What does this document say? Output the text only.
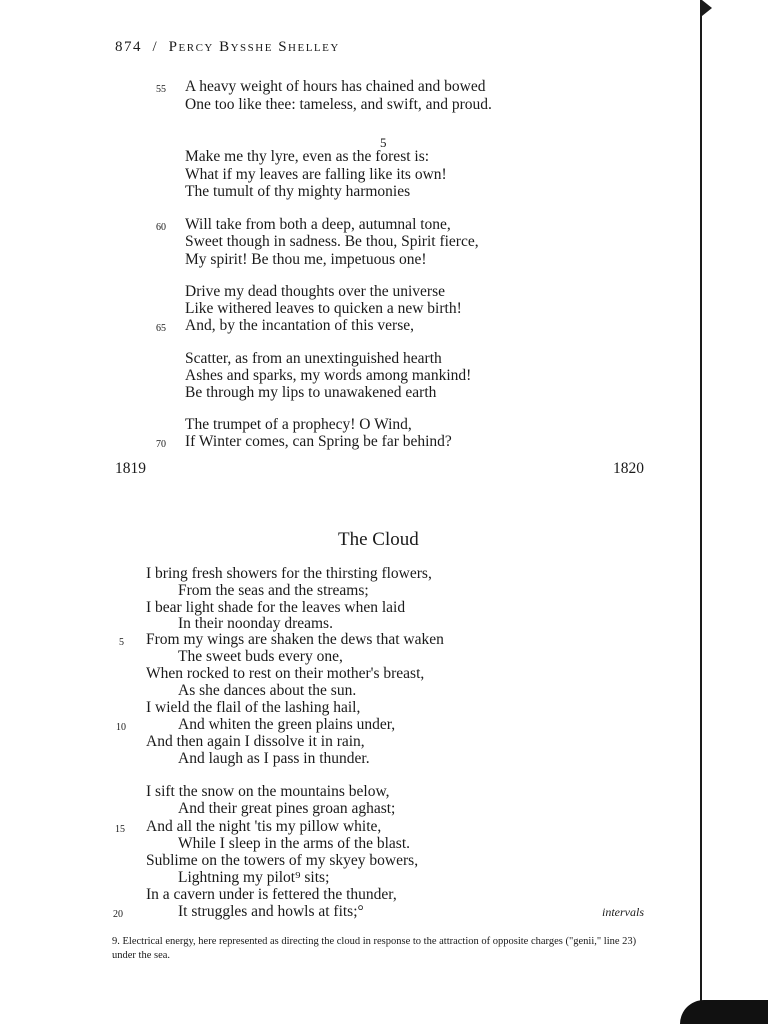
874 / Percy Bysshe Shelley
55 A heavy weight of hours has chained and bowed
One too like thee: tameless, and swift, and proud.
5
Make me thy lyre, even as the forest is:
What if my leaves are falling like its own!
The tumult of thy mighty harmonies
60 Will take from both a deep, autumnal tone,
Sweet though in sadness. Be thou, Spirit fierce,
My spirit! Be thou me, impetuous one!
Drive my dead thoughts over the universe
Like withered leaves to quicken a new birth!
65 And, by the incantation of this verse,
Scatter, as from an unextinguished hearth
Ashes and sparks, my words among mankind!
Be through my lips to unawakened earth
The trumpet of a prophecy! O Wind,
70 If Winter comes, can Spring be far behind?
1819	1820
The Cloud
I bring fresh showers for the thirsting flowers,
From the seas and the streams;
I bear light shade for the leaves when laid
In their noonday dreams.
5 From my wings are shaken the dews that waken
The sweet buds every one,
When rocked to rest on their mother's breast,
As she dances about the sun.
I wield the flail of the lashing hail,
10	And whiten the green plains under,
And then again I dissolve it in rain,
And laugh as I pass in thunder.
I sift the snow on the mountains below,
And their great pines groan aghast;
15 And all the night 'tis my pillow white,
While I sleep in the arms of the blast.
Sublime on the towers of my skyey bowers,
Lightning my pilot⁹ sits;
In a cavern under is fettered the thunder,
20	It struggles and howls at fits;°	intervals
9. Electrical energy, here represented as directing the cloud in response to the attraction of opposite charges ("genii," line 23) under the sea.
